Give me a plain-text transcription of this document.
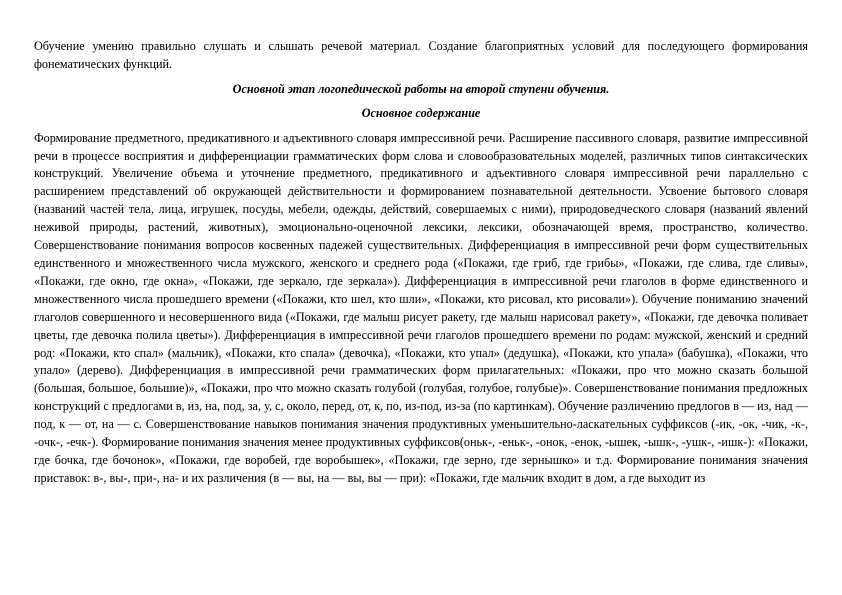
Обучение умению правильно слушать и слышать речевой материал. Создание благоприятных условий для последующего формирования фонематических функций.

Основной этап логопедической работы на второй ступени обучения.

Основное содержание

Формирование предметного, предикативного и адъективного словаря импрессивной речи. Расширение пассивного словаря, развитие импрессивной речи в процессе восприятия и дифференциации грамматических форм слова и словообразовательных моделей, различных типов синтаксических конструкций. Увеличение объема и уточнение предметного, предикативного и адъективного словаря импрессивной речи параллельно с расширением представлений об окружающей действительности и формированием познавательной деятельности. Усвоение бытового словаря (названий частей тела, лица, игрушек, посуды, мебели, одежды, действий, совершаемых с ними), природоведческого словаря (названий явлений неживой природы, растений, животных), эмоционально-оценочной лексики, лексики, обозначающей время, пространство, количество. Совершенствование понимания вопросов косвенных падежей существительных. Дифференциация в импрессивной речи форм существительных единственного и множественного числа мужского, женского и среднего рода («Покажи, где гриб, где грибы», «Покажи, где слива, где сливы», «Покажи, где окно, где окна», «Покажи, где зеркало, где зеркала»). Дифференциация в импрессивной речи глаголов в форме единственного и множественного числа прошедшего времени («Покажи, кто шел, кто шли», «Покажи, кто рисовал, кто рисовали»). Обучение пониманию значений глаголов совершенного и несовершенного вида («Покажи, где малыш рисует ракету, где малыш нарисовал ракету», «Покажи, где девочка поливает цветы, где девочка полила цветы»). Дифференциация в импрессивной речи глаголов прошедшего времени по родам: мужской, женский и средний род: «Покажи, кто спал» (мальчик), «Покажи, кто спала» (девочка), «Покажи, кто упал» (дедушка), «Покажи, кто упала» (бабушка), «Покажи, что упало» (дерево). Дифференциация в импрессивной речи грамматических форм прилагательных: «Покажи, про что можно сказать большой (большая, большое, большие)», «Покажи, про что можно сказать голубой (голубая, голубое, голубые)». Совершенствование понимания предложных конструкций с предлогами в, из, на, под, за, у, с, около, перед, от, к, по, из-под, из-за (по картинкам). Обучение различению предлогов в — из, над — под, к — от, на — с. Совершенствование навыков понимания значения продуктивных уменьшительно-ласкательных суффиксов (-ик, -ок, -чик, -к-, -очк-, -ечк-). Формирование понимания значения менее продуктивных суффиксов(оньк-, -еньк-, -онок, -енок, -ышек, -ышк-, -ушк-, -ишк-): «Покажи, где бочка, где бочонок», «Покажи, где воробей, где воробышек», «Покажи, где зерно, где зернышко» и т.д. Формирование понимания значения приставок: в-, вы-, при-, на- и их различения (в — вы, на — вы, вы — при): «Покажи, где мальчик входит в дом, а где выходит из
